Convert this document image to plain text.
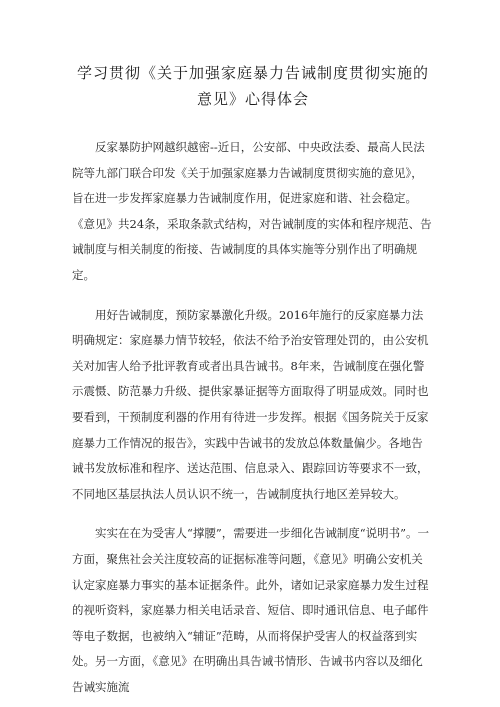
学习贯彻《关于加强家庭暴力告诫制度贯彻实施的
意见》心得体会

反家暴防护网越织越密--近日，公安部、中央政法委、最高人民法院等九部门联合印发《关于加强家庭暴力告诫制度贯彻实施的意见》，旨在进一步发挥家庭暴力告诫制度作用，促进家庭和谐、社会稳定。《意见》共24条，采取条款式结构，对告诫制度的实体和程序规范、告诫制度与相关制度的衔接、告诫制度的具体实施等分别作出了明确规定。

用好告诫制度，预防家暴激化升级。2016年施行的反家庭暴力法明确规定：家庭暴力情节较轻，依法不给予治安管理处罚的，由公安机关对加害人给予批评教育或者出具告诫书。8年来，告诫制度在强化警示震慑、防范暴力升级、提供家暴证据等方面取得了明显成效。同时也要看到，干预制度利器的作用有待进一步发挥。根据《国务院关于反家庭暴力工作情况的报告》，实践中告诫书的发放总体数量偏少。各地告诫书发放标准和程序、送达范围、信息录入、跟踪回访等要求不一致，不同地区基层执法人员认识不统一，告诫制度执行地区差异较大。

实实在在为受害人“撑腰”，需要进一步细化告诫制度“说明书”。一方面，聚焦社会关注度较高的证据标准等问题，《意见》明确公安机关认定家庭暴力事实的基本证据条件。此外，诸如记录家庭暴力发生过程的视听资料，家庭暴力相关电话录音、短信、即时通讯信息、电子邮件等电子数据，也被纳入“辅证”范畴，从而将保护受害人的权益落到实处。另一方面，《意见》在明确出具告诫书情形、告诫书内容以及细化告诫实施流
